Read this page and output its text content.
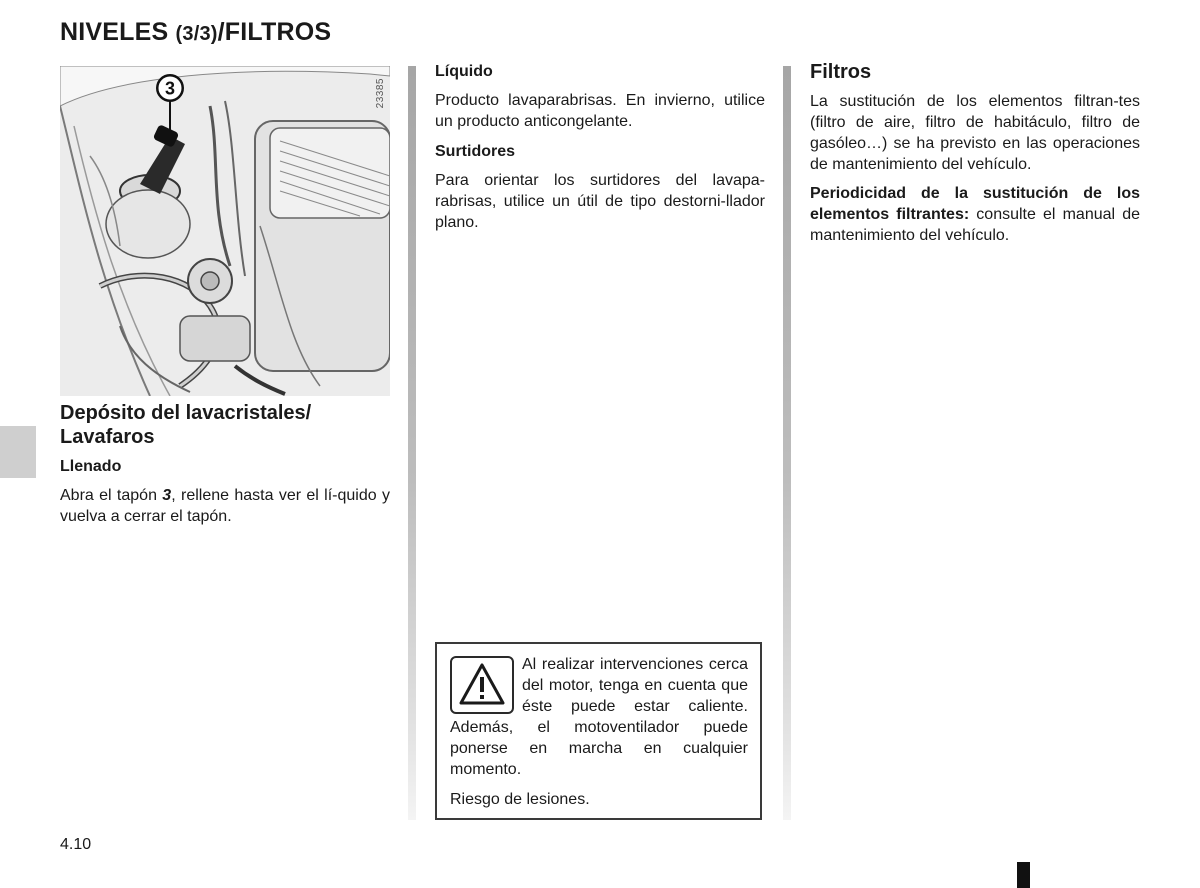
NIVELES (3/3)/FILTROS
23385
3
Depósito del lavacristales/ Lavafaros
Llenado

Abra el tapón 3, rellene hasta ver el lí-quido y vuelva a cerrar el tapón.

Líquido

Producto lavaparabrisas. En invierno, utilice un producto anticongelante.

Surtidores

Para orientar los surtidores del lavapa-rabrisas, utilice un útil de tipo destorni-llador plano.

Al realizar intervenciones cerca del motor, tenga en cuenta que éste puede estar caliente. Además, el motoventilador puede ponerse en marcha en cualquier momento.

Riesgo de lesiones.

Filtros

La sustitución de los elementos filtran-tes (filtro de aire, filtro de habitáculo, filtro de gasóleo…) se ha previsto en las operaciones de mantenimiento del vehículo.

Periodicidad de la sustitución de los elementos filtrantes: consulte el manual de mantenimiento del vehículo.

4.10
